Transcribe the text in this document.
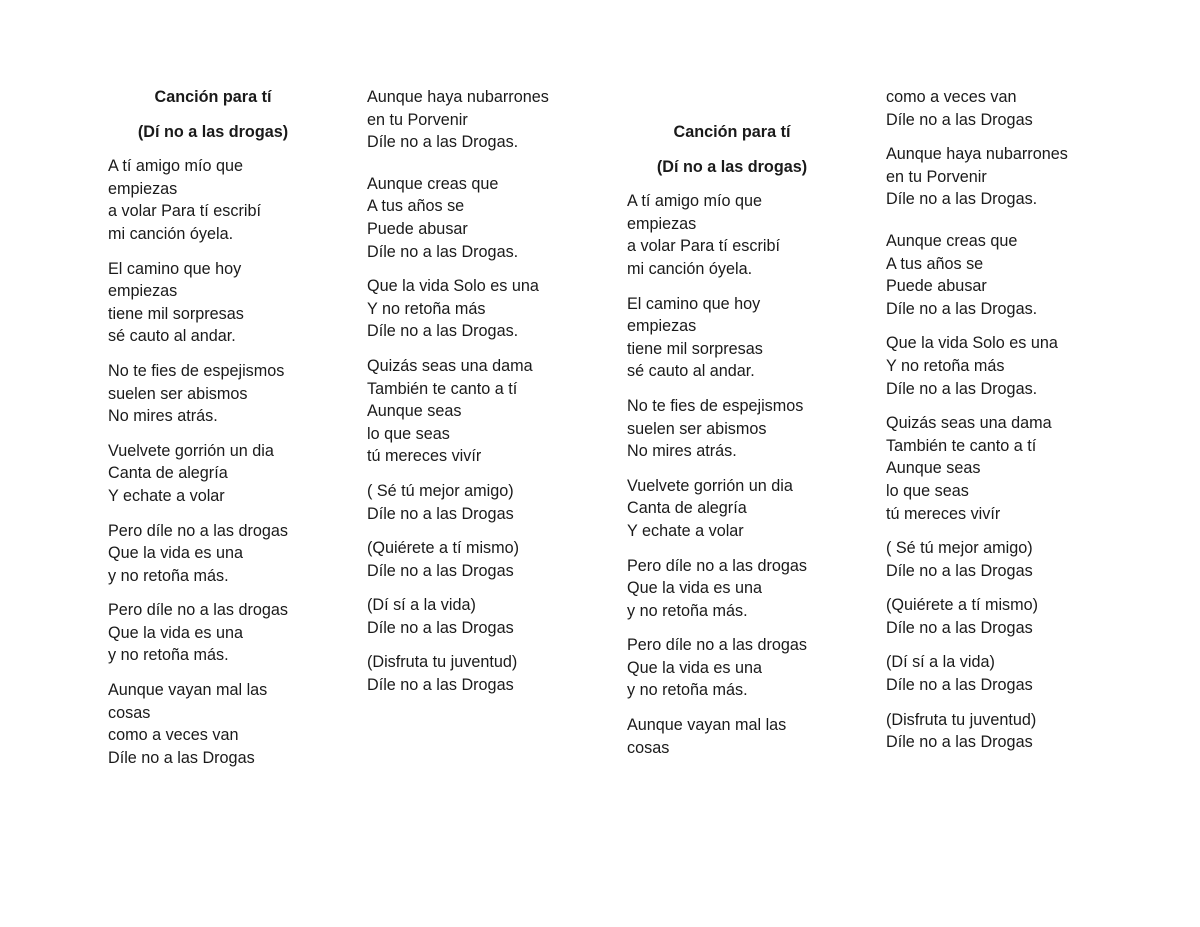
Canción para tí
(Dí no a las drogas)
A tí amigo mío que
empiezas
a volar Para tí escribí
mi canción óyela.
El camino que hoy
empiezas
tiene mil sorpresas
sé cauto al andar.
No te fies de espejismos
suelen ser abismos
No mires atrás.
Vuelvete gorrión un dia
Canta de alegría
Y echate a volar
Pero díle no a las drogas
Que la vida es una
y no retoña más.
Pero díle no a las drogas
Que la vida es una
y no retoña más.
Aunque vayan mal las
cosas
como a veces van
Díle no a las Drogas
Aunque haya nubarrones
en tu Porvenir
Díle no a las Drogas.
Aunque creas que
A tus años se
Puede abusar
Díle no a las Drogas.
Que la vida Solo es una
Y no retoña más
Díle no a las Drogas.
Quizás seas una dama
También te canto a tí
Aunque seas
lo que seas
tú mereces vivír
( Sé tú mejor amigo)
Díle no a las Drogas
(Quiérete a tí mismo)
Díle no a las Drogas
(Dí sí a la vida)
Díle no a las Drogas
(Disfruta tu juventud)
Díle no a las Drogas
Canción para tí
(Dí no a las drogas)
A tí amigo mío que
empiezas
a volar Para tí escribí
mi canción óyela.
El camino que hoy
empiezas
tiene mil sorpresas
sé cauto al andar.
No te fies de espejismos
suelen ser abismos
No mires atrás.
Vuelvete gorrión un dia
Canta de alegría
Y echate a volar
Pero díle no a las drogas
Que la vida es una
y no retoña más.
Pero díle no a las drogas
Que la vida es una
y no retoña más.
Aunque vayan mal las
cosas
como a veces van
Díle no a las Drogas
Aunque haya nubarrones
en tu Porvenir
Díle no a las Drogas.
Aunque creas que
A tus años se
Puede abusar
Díle no a las Drogas.
Que la vida Solo es una
Y no retoña más
Díle no a las Drogas.
Quizás seas una dama
También te canto a tí
Aunque seas
lo que seas
tú mereces vivír
( Sé tú mejor amigo)
Díle no a las Drogas
(Quiérete a tí mismo)
Díle no a las Drogas
(Dí sí a la vida)
Díle no a las Drogas
(Disfruta tu juventud)
Díle no a las Drogas
